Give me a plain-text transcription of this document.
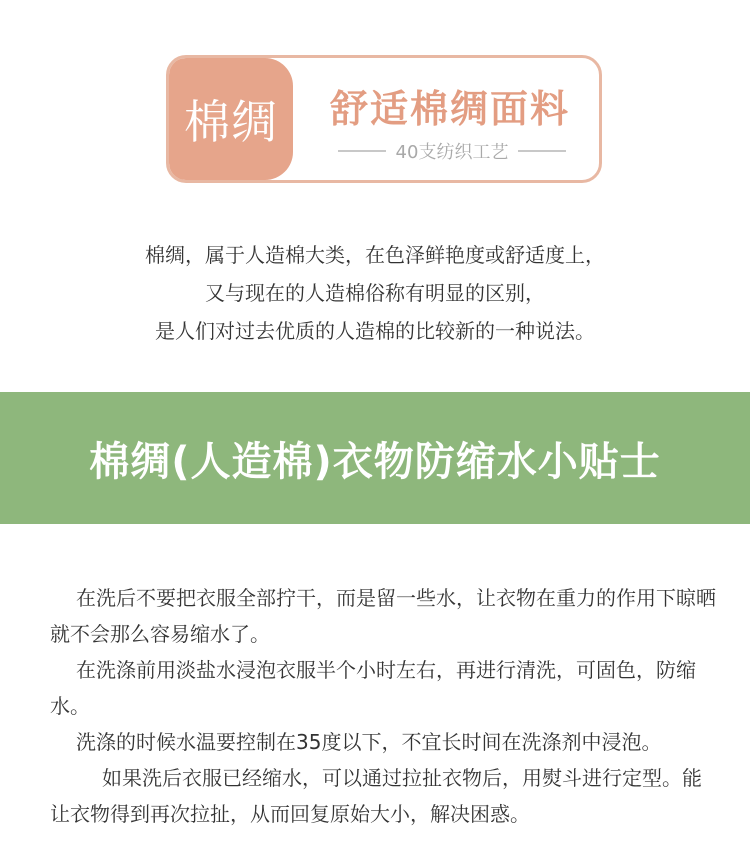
棉绸	舒适棉绸面料
40支纺织工艺

棉绸，属于人造棉大类，在色泽鲜艳度或舒适度上，

又与现在的人造棉俗称有明显的区别，

是人们对过去优质的人造棉的比较新的一种说法。

棉绸(人造棉)衣物防缩水小贴士

在洗后不要把衣服全部拧干，而是留一些水，让衣物在重力的作用下晾晒就不会那么容易缩水了。

在洗涤前用淡盐水浸泡衣服半个小时左右，再进行清洗，可固色，防缩水。

洗涤的时候水温要控制在35度以下，不宜长时间在洗涤剂中浸泡。

如果洗后衣服已经缩水，可以通过拉扯衣物后，用熨斗进行定型。能让衣物得到再次拉扯，从而回复原始大小，解决困惑。
